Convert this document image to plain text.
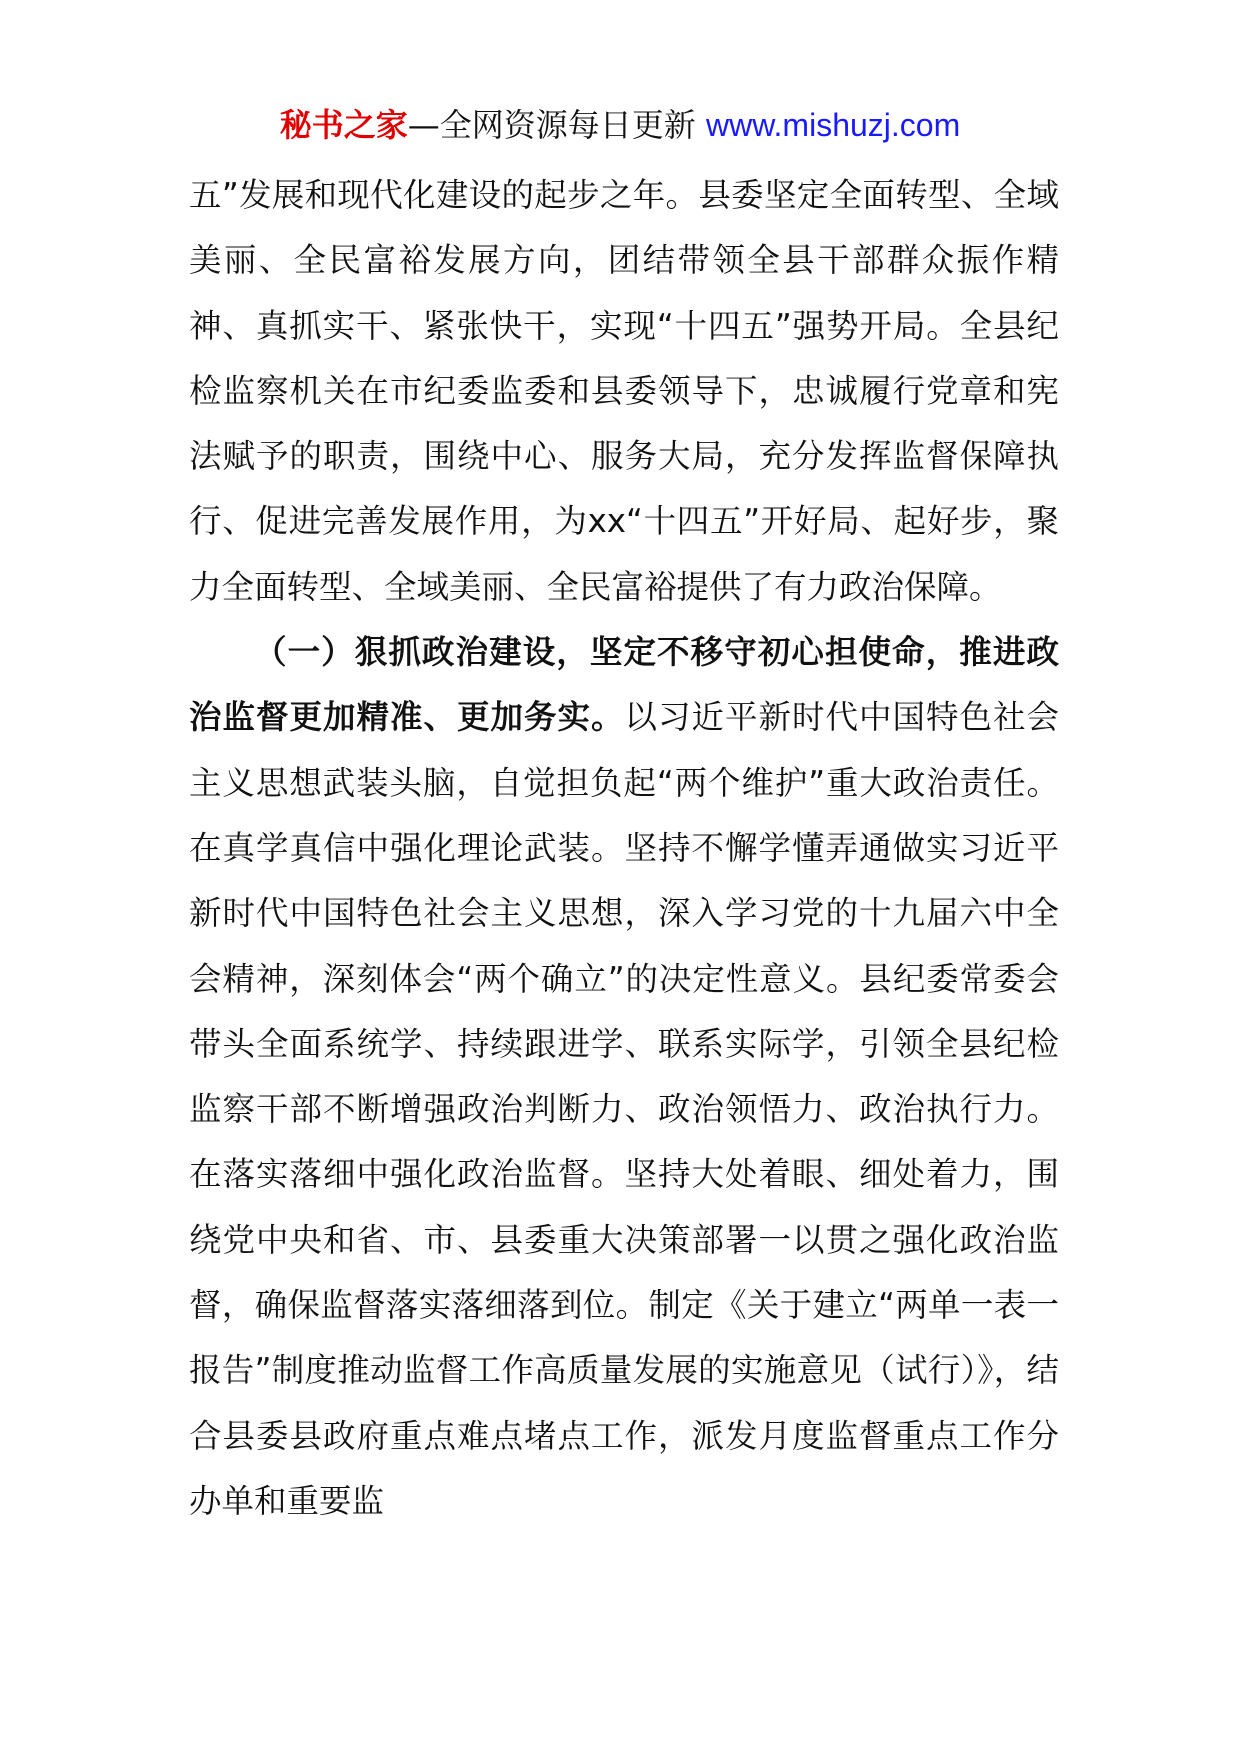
秘书之家—全网资源每日更新 www.mishuzj.com

五”发展和现代化建设的起步之年。县委坚定全面转型、全域美丽、全民富裕发展方向，团结带领全县干部群众振作精神、真抓实干、紧张快干，实现“十四五”强势开局。全县纪检监察机关在市纪委监委和县委领导下，忠诚履行党章和宪法赋予的职责，围绕中心、服务大局，充分发挥监督保障执行、促进完善发展作用，为xx“十四五”开好局、起好步，聚力全面转型、全域美丽、全民富裕提供了有力政治保障。

（一）狠抓政治建设，坚定不移守初心担使命，推进政治监督更加精准、更加务实。以习近平新时代中国特色社会主义思想武装头脑，自觉担负起“两个维护”重大政治责任。在真学真信中强化理论武装。坚持不懈学懂弄通做实习近平新时代中国特色社会主义思想，深入学习党的十九届六中全会精神，深刻体会“两个确立”的决定性意义。县纪委常委会带头全面系统学、持续跟进学、联系实际学，引领全县纪检监察干部不断增强政治判断力、政治领悟力、政治执行力。在落实落细中强化政治监督。坚持大处着眼、细处着力，围绕党中央和省、市、县委重大决策部署一以贯之强化政治监督，确保监督落实落细落到位。制定《关于建立“两单一表一报告”制度推动监督工作高质量发展的实施意见（试行）》，结合县委县政府重点难点堵点工作，派发月度监督重点工作分办单和重要监
